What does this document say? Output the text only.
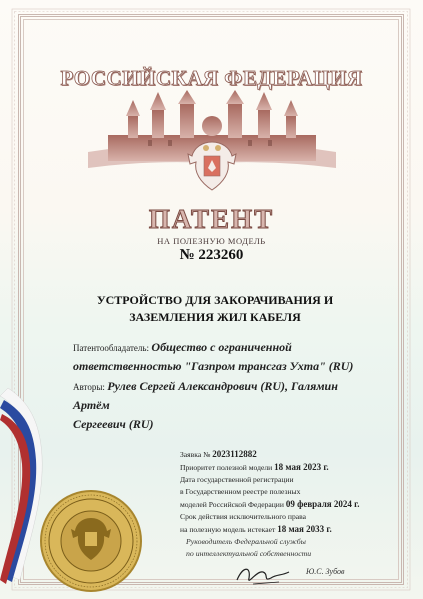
РОССИЙСКАЯ ФЕДЕРАЦИЯ
ПАТЕНТ
НА ПОЛЕЗНУЮ МОДЕЛЬ
№ 223260
УСТРОЙСТВО ДЛЯ ЗАКОРАЧИВАНИЯ И
ЗАЗЕМЛЕНИЯ ЖИЛ КАБЕЛЯ
Патентообладатель: Общество с ограниченной
ответственностью "Газпром трансгаз Ухта" (RU)
Авторы: Рулев Сергей Александрович (RU), Галямин Артём
Сергеевич (RU)
Заявка № 2023112882
Приоритет полезной модели 18 мая 2023 г.
Дата государственной регистрации
в Государственном реестре полезных
моделей Российской Федерации 09 февраля 2024 г.
Срок действия исключительного права
на полезную модель истекает 18 мая 2033 г.
Руководитель Федеральной службы
по интеллектуальной собственности
Ю.С. Зубов
